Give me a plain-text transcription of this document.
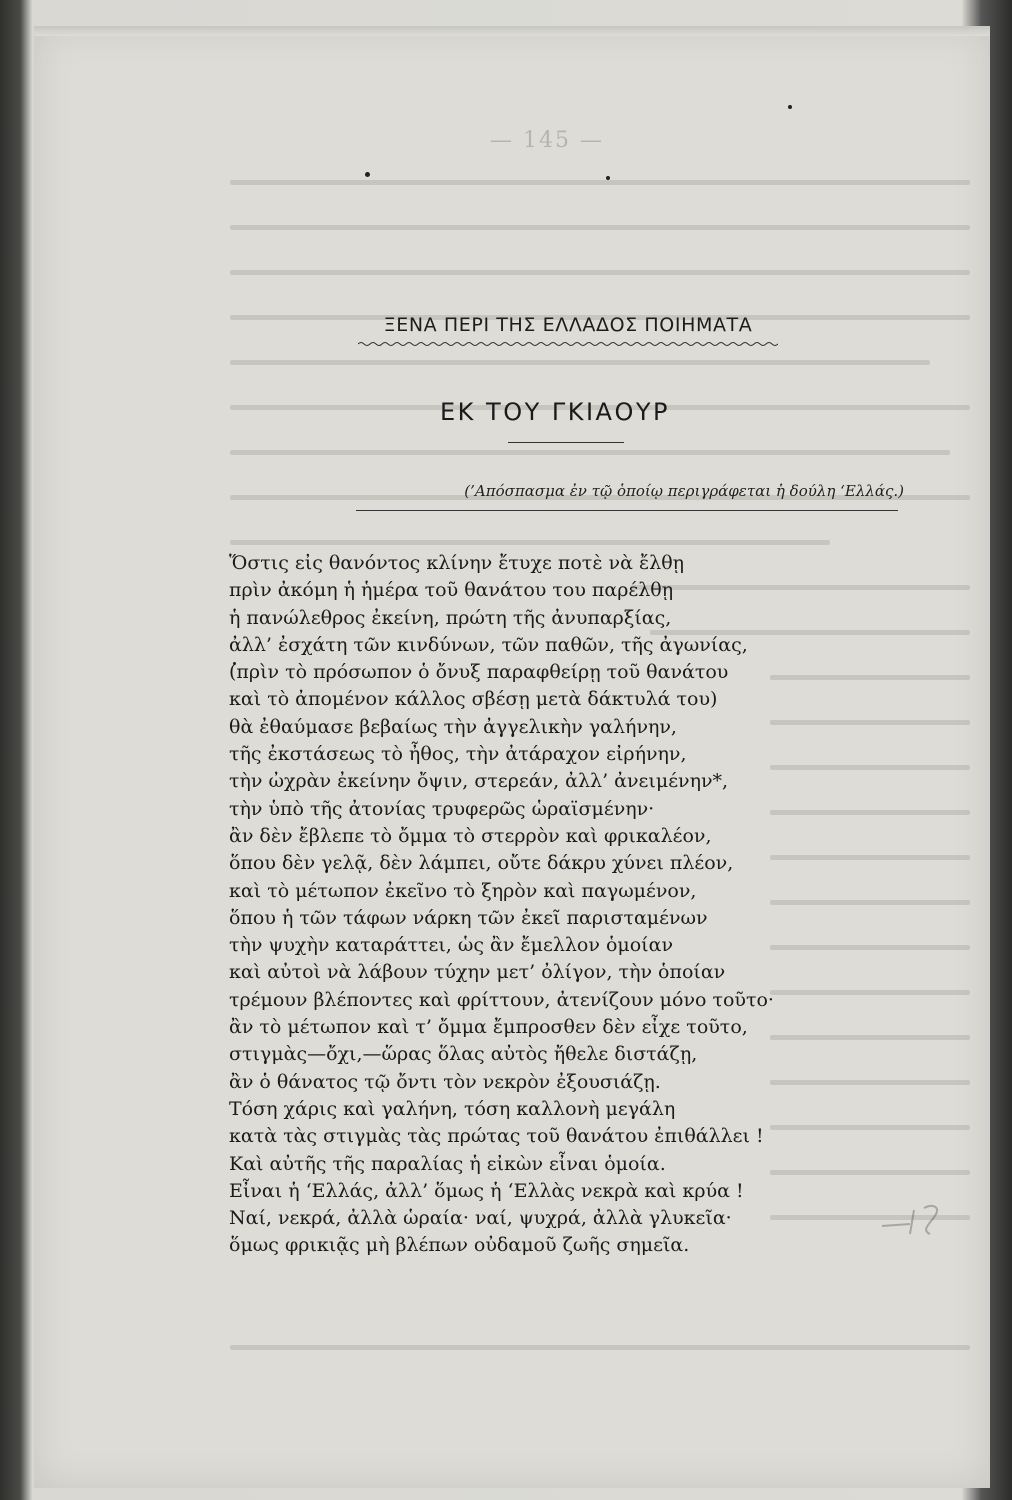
— 145 —
ΞΕΝΑ ΠΕΡΙ ΤΗΣ ΕΛΛΑΔΟΣ ΠΟΙΗΜΑΤΑ
ΕΚ ΤΟΥ ΓΚΙΑΟΥΡ
(’Απόσπασμα ἐν τῷ ὁποίῳ περιγράφεται ἡ δούλη ‘Ελλάς.)
Ὅστις εἰς θανόντος κλίνην ἔτυχε ποτὲ νὰ ἔλθῃ
πρὶν ἀκόμη ἡ ἡμέρα τοῦ θανάτου του παρέλθῃ
ἡ πανώλεθρος ἐκείνη, πρώτη τῆς ἀνυπαρξίας,
ἀλλ’ ἐσχάτη τῶν κινδύνων, τῶν παθῶν, τῆς ἀγωνίας,
(πρὶν τὸ πρόσωπον ὁ ὄνυξ παραφθείρῃ τοῦ θανάτου
καὶ τὸ ἀπομένον κάλλος σβέσῃ μετὰ δάκτυλά του)
θὰ ἐθαύμασε βεβαίως τὴν ἀγγελικὴν γαλήνην,
τῆς ἐκστάσεως τὸ ἦθος, τὴν ἀτάραχον εἰρήνην,
τὴν ὠχρὰν ἐκείνην ὄψιν, στερεάν, ἀλλ’ ἀνειμένην*,
τὴν ὑπὸ τῆς ἀτονίας τρυφερῶς ὡραϊσμένην·
ἂν δὲν ἔβλεπε τὸ ὄμμα τὸ στερρὸν καὶ φρικαλέον,
ὅπου δὲν γελᾷ, δὲν λάμπει, οὔτε δάκρυ χύνει πλέον,
καὶ τὸ μέτωπον ἐκεῖνο τὸ ξηρὸν καὶ παγωμένον,
ὅπου ἡ τῶν τάφων νάρκη τῶν ἐκεῖ παρισταμένων
τὴν ψυχὴν καταράττει, ὡς ἂν ἔμελλον ὁμοίαν
καὶ αὐτοὶ νὰ λάβουν τύχην μετ’ ὀλίγον, τὴν ὁποίαν
τρέμουν βλέποντες καὶ φρίττουν, ἀτενίζουν μόνο τοῦτο·
ἂν τὸ μέτωπον καὶ τ’ ὄμμα ἔμπροσθεν δὲν εἶχε τοῦτο,
στιγμὰς—ὄχι,—ὥρας ὅλας αὐτὸς ἤθελε διστάζῃ,
ἂν ὁ θάνατος τῷ ὄντι τὸν νεκρὸν ἐξουσιάζῃ.
Τόση χάρις καὶ γαλήνη, τόση καλλονὴ μεγάλη
κατὰ τὰς στιγμὰς τὰς πρώτας τοῦ θανάτου ἐπιθάλλει !
Καὶ αὐτῆς τῆς παραλίας ἡ εἰκὼν εἶναι ὁμοία.
Εἶναι ἡ ‘Ελλάς, ἀλλ’ ὅμως ἡ ‘Ελλὰς νεκρὰ καὶ κρύα !
Ναί, νεκρά, ἀλλὰ ὡραία· ναί, ψυχρά, ἀλλὰ γλυκεῖα·
ὅμως φρικιᾷς μὴ βλέπων οὐδαμοῦ ζωῆς σημεῖα.
